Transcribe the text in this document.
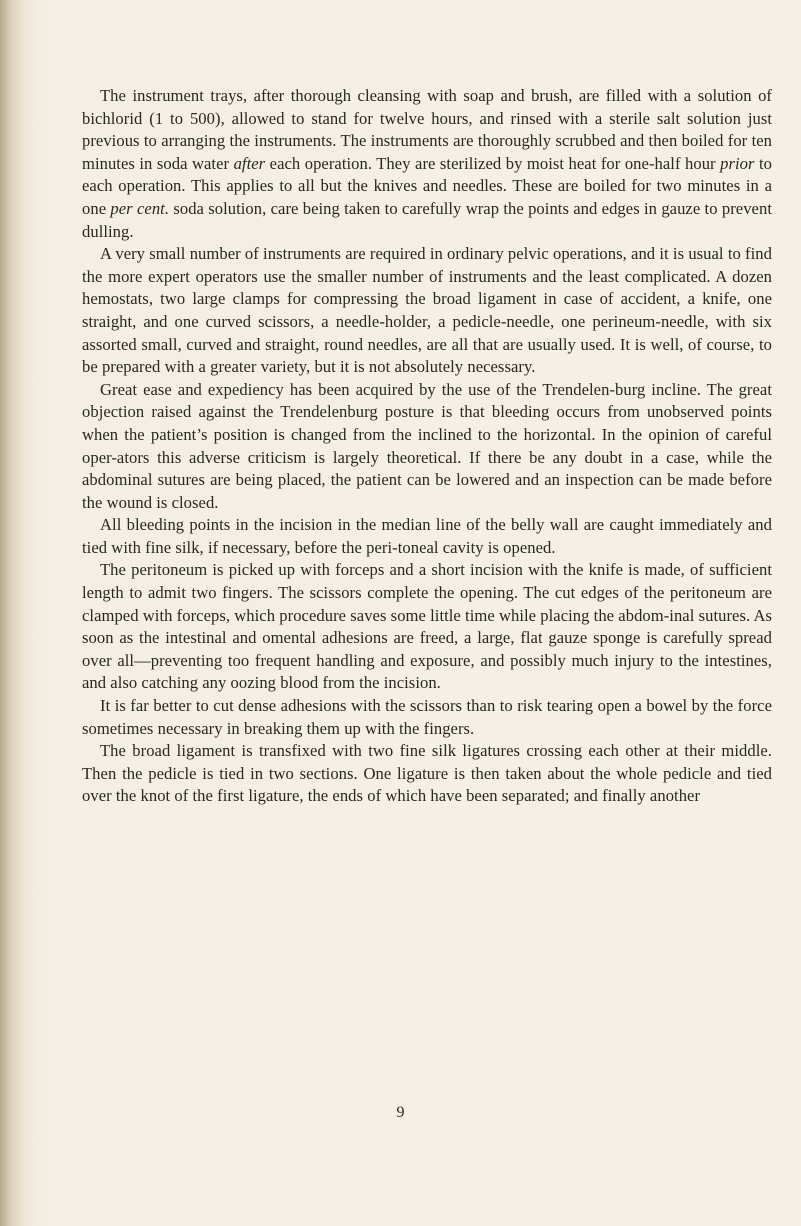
The instrument trays, after thorough cleansing with soap and brush, are filled with a solution of bichlorid (1 to 500), allowed to stand for twelve hours, and rinsed with a sterile salt solution just previous to arranging the instruments. The instruments are thoroughly scrubbed and then boiled for ten minutes in soda water after each operation. They are sterilized by moist heat for one-half hour prior to each operation. This applies to all but the knives and needles. These are boiled for two minutes in a one per cent. soda solution, care being taken to carefully wrap the points and edges in gauze to prevent dulling.

A very small number of instruments are required in ordinary pelvic operations, and it is usual to find the more expert operators use the smaller number of instruments and the least complicated. A dozen hemostats, two large clamps for compressing the broad ligament in case of accident, a knife, one straight, and one curved scissors, a needle-holder, a pedicle-needle, one perineum-needle, with six assorted small, curved and straight, round needles, are all that are usually used. It is well, of course, to be prepared with a greater variety, but it is not absolutely necessary.

Great ease and expediency has been acquired by the use of the Trendelen-burg incline. The great objection raised against the Trendelenburg posture is that bleeding occurs from unobserved points when the patient’s position is changed from the inclined to the horizontal. In the opinion of careful oper-ators this adverse criticism is largely theoretical. If there be any doubt in a case, while the abdominal sutures are being placed, the patient can be lowered and an inspection can be made before the wound is closed.

All bleeding points in the incision in the median line of the belly wall are caught immediately and tied with fine silk, if necessary, before the peri-toneal cavity is opened.

The peritoneum is picked up with forceps and a short incision with the knife is made, of sufficient length to admit two fingers. The scissors complete the opening. The cut edges of the peritoneum are clamped with forceps, which procedure saves some little time while placing the abdom-inal sutures. As soon as the intestinal and omental adhesions are freed, a large, flat gauze sponge is carefully spread over all—preventing too frequent handling and exposure, and possibly much injury to the intestines, and also catching any oozing blood from the incision.

It is far better to cut dense adhesions with the scissors than to risk tearing open a bowel by the force sometimes necessary in breaking them up with the fingers.

The broad ligament is transfixed with two fine silk ligatures crossing each other at their middle. Then the pedicle is tied in two sections. One ligature is then taken about the whole pedicle and tied over the knot of the first ligature, the ends of which have been separated; and finally another

9
